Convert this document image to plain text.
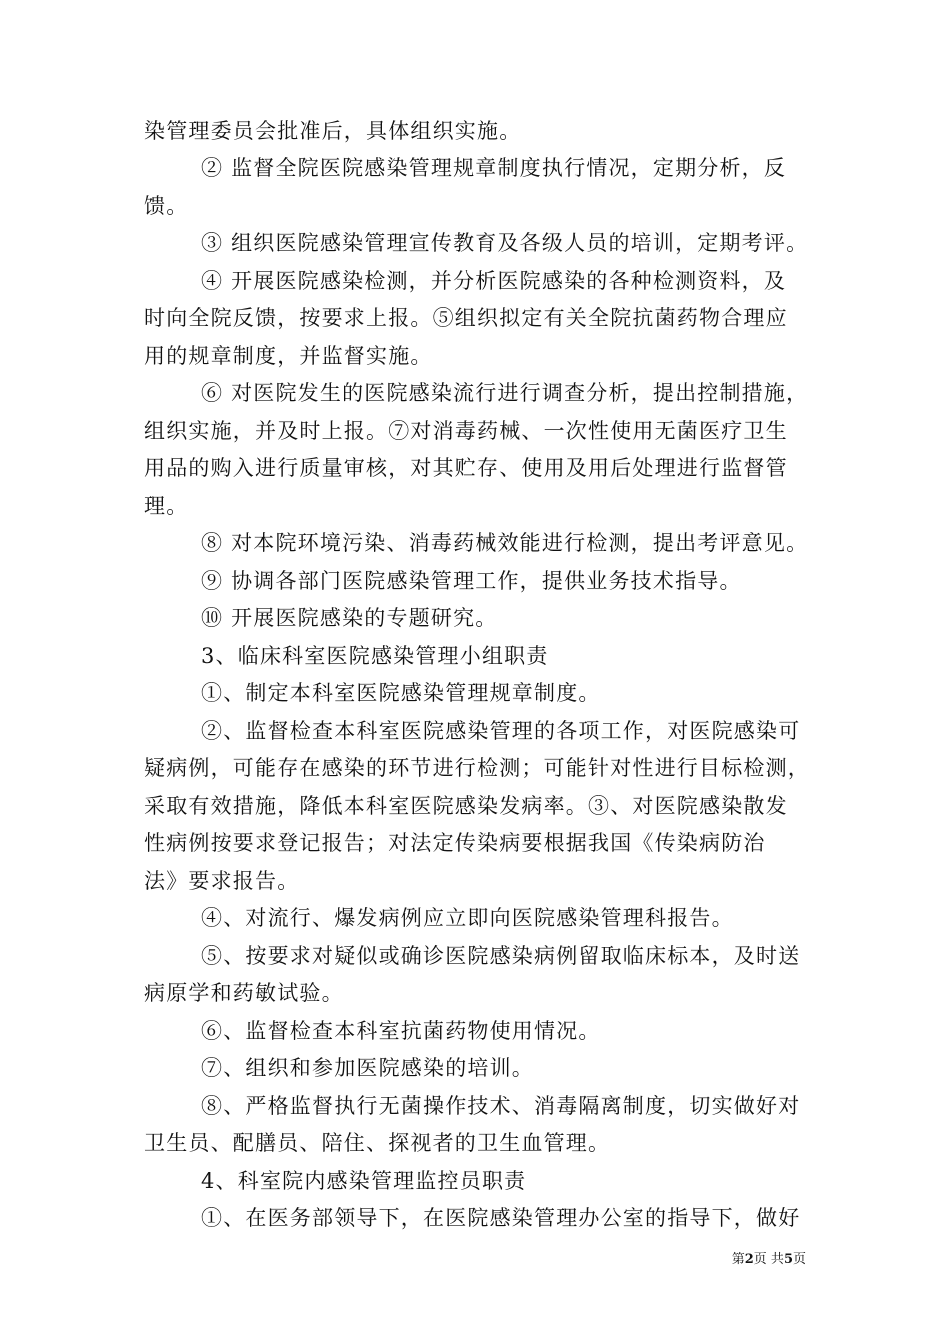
染管理委员会批准后，具体组织实施。
② 监督全院医院感染管理规章制度执行情况，定期分析，反
馈。
③ 组织医院感染管理宣传教育及各级人员的培训，定期考评。
④ 开展医院感染检测，并分析医院感染的各种检测资料，及
时向全院反馈，按要求上报。⑤组织拟定有关全院抗菌药物合理应
用的规章制度，并监督实施。
⑥ 对医院发生的医院感染流行进行调查分析，提出控制措施，
组织实施，并及时上报。⑦对消毒药械、一次性使用无菌医疗卫生
用品的购入进行质量审核，对其贮存、使用及用后处理进行监督管
理。
⑧ 对本院环境污染、消毒药械效能进行检测，提出考评意见。
⑨ 协调各部门医院感染管理工作，提供业务技术指导。
⑩ 开展医院感染的专题研究。
3、临床科室医院感染管理小组职责
①、制定本科室医院感染管理规章制度。
②、监督检查本科室医院感染管理的各项工作，对医院感染可
疑病例，可能存在感染的环节进行检测；可能针对性进行目标检测，
采取有效措施，降低本科室医院感染发病率。③、对医院感染散发
性病例按要求登记报告；对法定传染病要根据我国《传染病防治
法》要求报告。
④、对流行、爆发病例应立即向医院感染管理科报告。
⑤、按要求对疑似或确诊医院感染病例留取临床标本，及时送
病原学和药敏试验。
⑥、监督检查本科室抗菌药物使用情况。
⑦、组织和参加医院感染的培训。
⑧、严格监督执行无菌操作技术、消毒隔离制度，切实做好对
卫生员、配膳员、陪住、探视者的卫生血管理。
4、科室院内感染管理监控员职责
①、在医务部领导下，在医院感染管理办公室的指导下，做好
第2页 共5页
